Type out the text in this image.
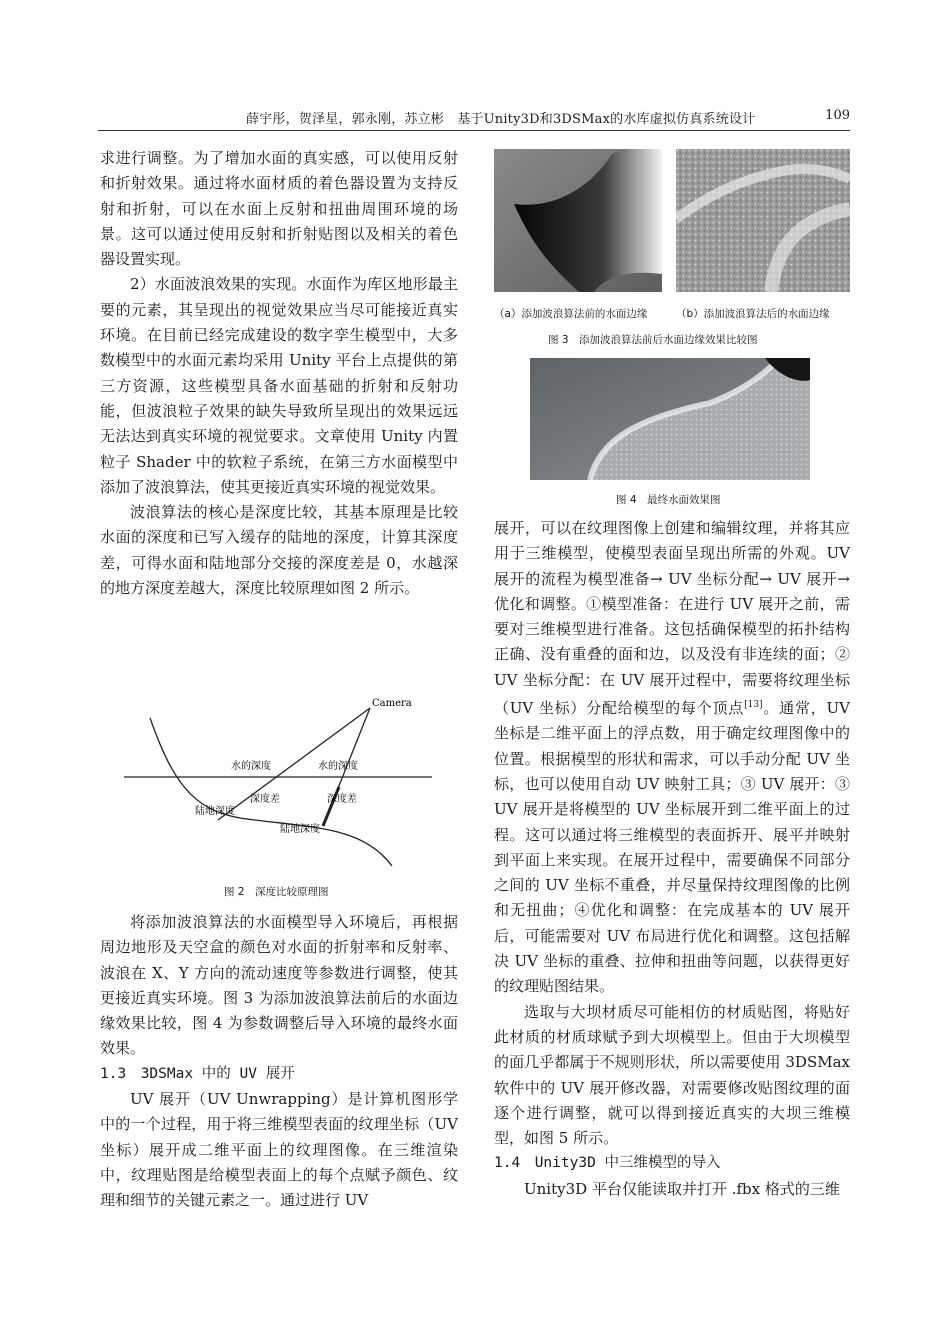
薛宇彤，贺泽星，郭永刚，苏立彬　基于Unity3D和3DSMax的水库虚拟仿真系统设计	109

求进行调整。为了增加水面的真实感，可以使用反射和折射效果。通过将水面材质的着色器设置为支持反射和折射，可以在水面上反射和扭曲周围环境的场景。这可以通过使用反射和折射贴图以及相关的着色器设置实现。

2）水面波浪效果的实现。水面作为库区地形最主要的元素，其呈现出的视觉效果应当尽可能接近真实环境。在目前已经完成建设的数字孪生模型中，大多数模型中的水面元素均采用 Unity 平台上点提供的第三方资源，这些模型具备水面基础的折射和反射功能，但波浪粒子效果的缺失导致所呈现出的效果远远无法达到真实环境的视觉要求。文章使用 Unity 内置粒子 Shader 中的软粒子系统，在第三方水面模型中添加了波浪算法，使其更接近真实环境的视觉效果。

波浪算法的核心是深度比较，其基本原理是比较水面的深度和已写入缓存的陆地的深度，计算其深度差，可得水面和陆地部分交接的深度差是 0，水越深的地方深度差越大，深度比较原理如图 2 所示。

Camera
水的深度	水的深度
深度差	深度差
陆地深度
陆地深度
图 2　深度比较原理图

将添加波浪算法的水面模型导入环境后，再根据周边地形及天空盒的颜色对水面的折射率和反射率、波浪在 X、Y 方向的流动速度等参数进行调整，使其更接近真实环境。图 3 为添加波浪算法前后的水面边缘效果比较，图 4 为参数调整后导入环境的最终水面效果。

1.3　3DSMax 中的 UV 展开

UV 展开（UV Unwrapping）是计算机图形学中的一个过程，用于将三维模型表面的纹理坐标（UV 坐标）展开成二维平面上的纹理图像。在三维渲染中，纹理贴图是给模型表面上的每个点赋予颜色、纹理和细节的关键元素之一。通过进行 UV

（a）添加波浪算法前的水面边缘	（b）添加波浪算法后的水面边缘
图 3　添加波浪算法前后水面边缘效果比较图
图 4　最终水面效果图

展开，可以在纹理图像上创建和编辑纹理，并将其应用于三维模型，使模型表面呈现出所需的外观。UV 展开的流程为模型准备→ UV 坐标分配→ UV 展开→优化和调整。①模型准备：在进行 UV 展开之前，需要对三维模型进行准备。这包括确保模型的拓扑结构正确、没有重叠的面和边，以及没有非连续的面；② UV 坐标分配：在 UV 展开过程中，需要将纹理坐标（UV 坐标）分配给模型的每个顶点[13]。通常，UV 坐标是二维平面上的浮点数，用于确定纹理图像中的位置。根据模型的形状和需求，可以手动分配 UV 坐标，也可以使用自动 UV 映射工具；③ UV 展开：③ UV 展开是将模型的 UV 坐标展开到二维平面上的过程。这可以通过将三维模型的表面拆开、展平并映射到平面上来实现。在展开过程中，需要确保不同部分之间的 UV 坐标不重叠，并尽量保持纹理图像的比例和无扭曲；④优化和调整：在完成基本的 UV 展开后，可能需要对 UV 布局进行优化和调整。这包括解决 UV 坐标的重叠、拉伸和扭曲等问题，以获得更好的纹理贴图结果。

选取与大坝材质尽可能相仿的材质贴图，将贴好此材质的材质球赋予到大坝模型上。但由于大坝模型的面几乎都属于不规则形状，所以需要使用 3DSMax 软件中的 UV 展开修改器，对需要修改贴图纹理的面逐个进行调整，就可以得到接近真实的大坝三维模型，如图 5 所示。

1.4　Unity3D 中三维模型的导入

Unity3D 平台仅能读取并打开 .fbx 格式的三维
